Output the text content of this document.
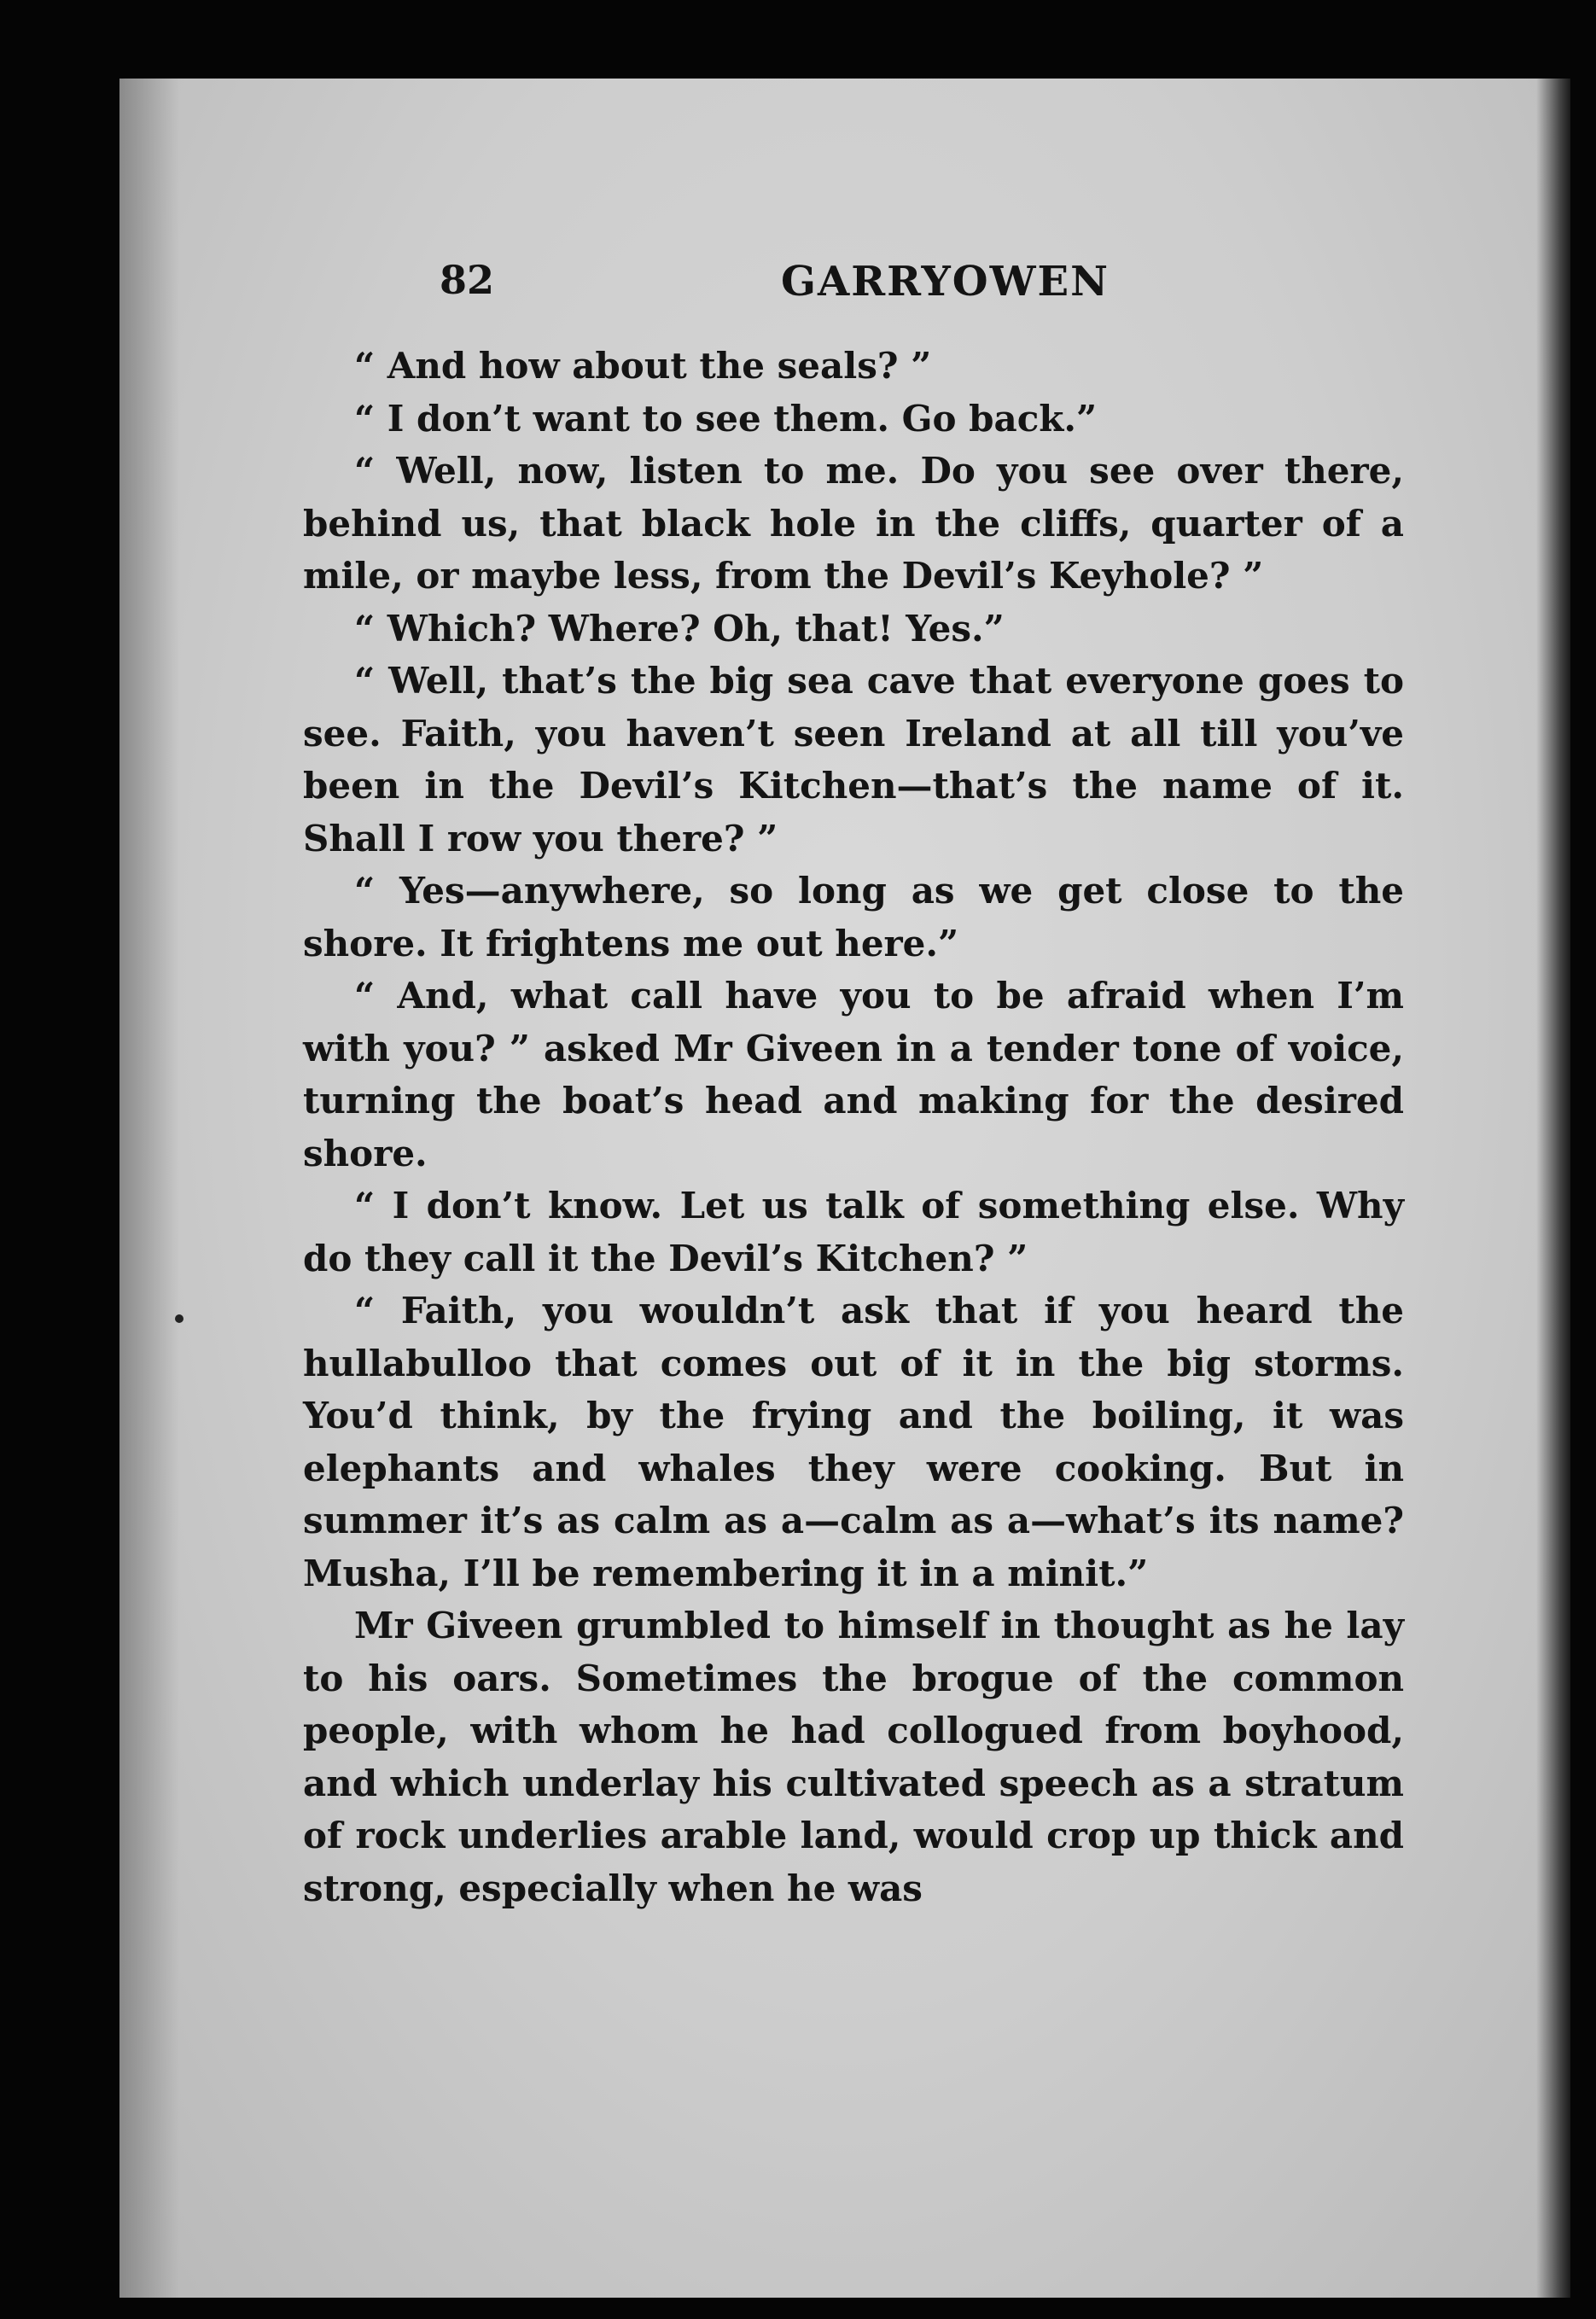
82	GARRYOWEN

“ And how about the seals? ”

“ I don’t want to see them. Go back.”

“ Well, now, listen to me. Do you see over there, behind us, that black hole in the cliffs, quarter of a mile, or maybe less, from the Devil’s Keyhole? ”

“ Which? Where? Oh, that! Yes.”

“ Well, that’s the big sea cave that everyone goes to see. Faith, you haven’t seen Ireland at all till you’ve been in the Devil’s Kitchen—that’s the name of it. Shall I row you there? ”

“ Yes—anywhere, so long as we get close to the shore. It frightens me out here.”

“ And, what call have you to be afraid when I’m with you? ” asked Mr Giveen in a tender tone of voice, turning the boat’s head and making for the desired shore.

“ I don’t know. Let us talk of something else. Why do they call it the Devil’s Kitchen? ”

“ Faith, you wouldn’t ask that if you heard the hullabulloo that comes out of it in the big storms. You’d think, by the frying and the boiling, it was elephants and whales they were cooking. But in summer it’s as calm as a—calm as a—what’s its name? Musha, I’ll be remembering it in a minit.”

Mr Giveen grumbled to himself in thought as he lay to his oars. Sometimes the brogue of the common people, with whom he had collogued from boyhood, and which underlay his cultivated speech as a stratum of rock underlies arable land, would crop up thick and strong, especially when he was
